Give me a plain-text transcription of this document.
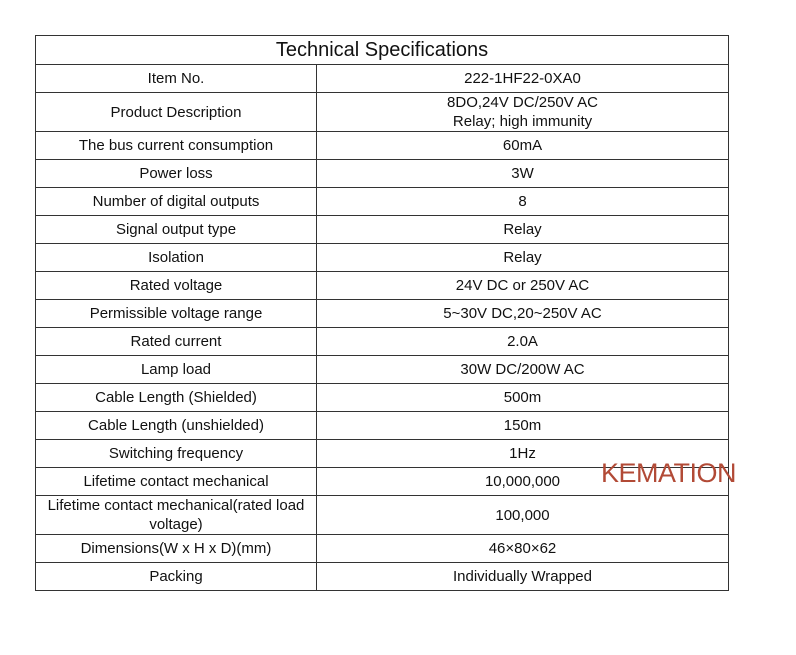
Technical Specifications	
Item No.	222-1HF22-0XA0
Product Description	8DO,24V DC/250V AC
Relay; high immunity
The bus current consumption	60mA
Power loss	3W
Number of digital outputs	8
Signal output type	Relay
Isolation	Relay
Rated voltage	24V DC or 250V AC
Permissible voltage range	5~30V DC,20~250V AC
Rated current	2.0A
Lamp load	30W DC/200W AC
Cable Length (Shielded)	500m
Cable Length (unshielded)	150m
Switching frequency	1Hz
Lifetime contact mechanical	10,000,000
Lifetime contact mechanical(rated load voltage)	100,000
Dimensions(W x H x D)(mm)	46×80×62
Packing	Individually Wrapped
KEMATION
